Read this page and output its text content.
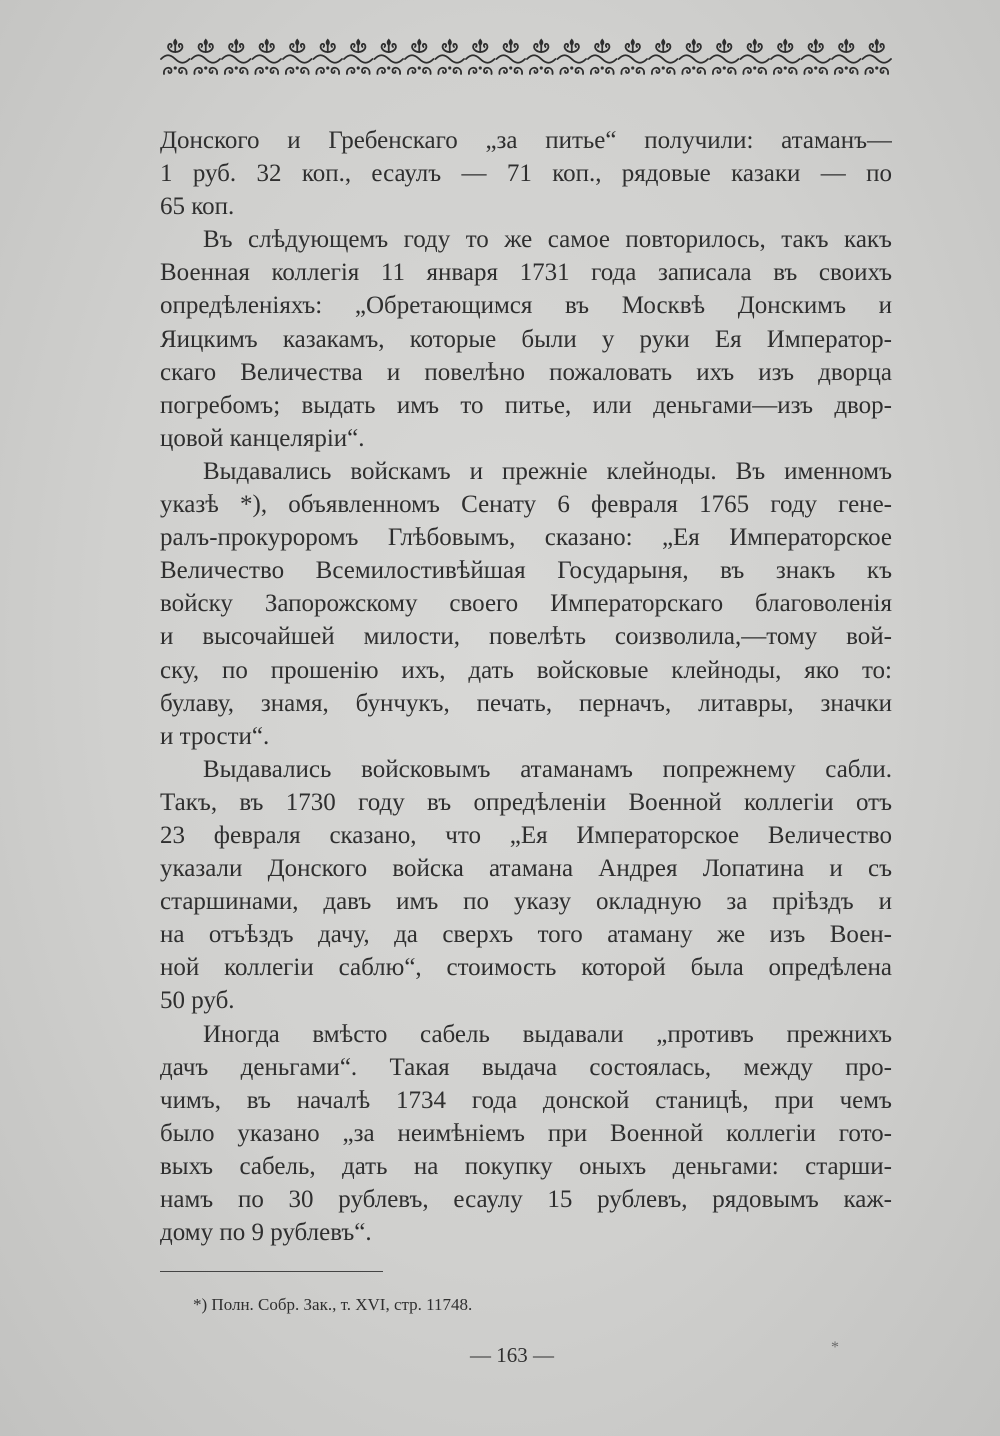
Донского и Гребенскаго „за питье“ получили: атаманъ—
1 руб. 32 коп., есаулъ — 71 коп., рядовые казаки — по
65 коп.
Въ слѣдующемъ году то же самое повторилось, такъ какъ
Военная коллегія 11 января 1731 года записала въ своихъ
опредѣленіяхъ: „Обретающимся въ Москвѣ Донскимъ и
Яицкимъ казакамъ, которые были у руки Ея Император-
скаго Величества и повелѣно пожаловать ихъ изъ дворца
погребомъ; выдать имъ то питье, или деньгами—изъ двор-
цовой канцеляріи“.
Выдавались войскамъ и прежніе клейноды. Въ именномъ
указѣ *), объявленномъ Сенату 6 февраля 1765 году гене-
ралъ-прокуроромъ Глѣбовымъ, сказано: „Ея Императорское
Величество Всемилостивѣйшая Государыня, въ знакъ къ
войску Запорожскому своего Императорскаго благоволенія
и высочайшей милости, повелѣть соизволила,—тому вой-
ску, по прошенію ихъ, дать войсковые клейноды, яко то:
булаву, знамя, бунчукъ, печать, перначъ, литавры, значки
и трости“.
Выдавались войсковымъ атаманамъ попрежнему сабли.
Такъ, въ 1730 году въ опредѣленіи Военной коллегіи отъ
23 февраля сказано, что „Ея Императорское Величество
указали Донского войска атамана Андрея Лопатина и съ
старшинами, давъ имъ по указу окладную за пріѣздъ и
на отъѣздъ дачу, да сверхъ того атаману же изъ Воен-
ной коллегіи саблю“, стоимость которой была опредѣлена
50 руб.
Иногда вмѣсто сабель выдавали „противъ прежнихъ
дачъ деньгами“. Такая выдача состоялась, между про-
чимъ, въ началѣ 1734 года донской станицѣ, при чемъ
было указано „за неимѣніемъ при Военной коллегіи гото-
выхъ сабель, дать на покупку оныхъ деньгами: старши-
намъ по 30 рублевъ, есаулу 15 рублевъ, рядовымъ каж-
дому по 9 рублевъ“.
*) Полн. Собр. Зак., т. XVI, стр. 11748.
— 163 —	*
